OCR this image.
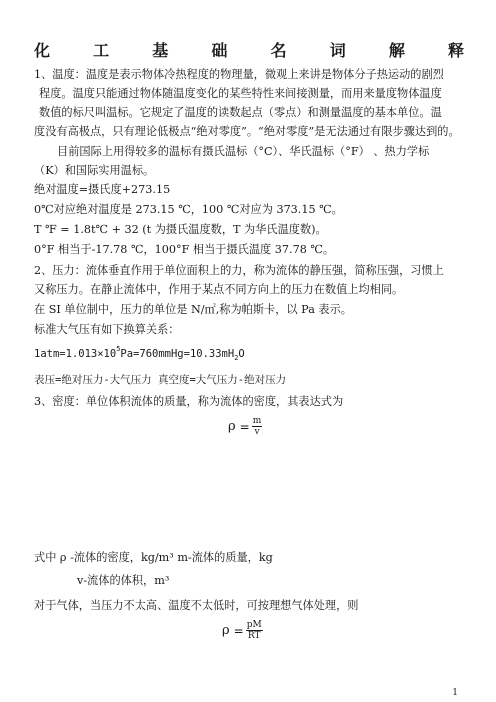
化	工	基	础	名	词	解	释
1、温度：温度是表示物体冷热程度的物理量，微观上来讲是物体分子热运动的剧烈
程度。温度只能通过物体随温度变化的某些特性来间接测量，而用来量度物体温度
数值的标尺叫温标。它规定了温度的读数起点（零点）和测量温度的基本单位。温
度没有高极点，只有理论低极点“绝对零度”。“绝对零度”是无法通过有限步骤达到的。
目前国际上用得较多的温标有摄氏温标（°C）、华氏温标（°F） 、热力学标
（K）和国际实用温标。
绝对温度=摄氏度+273.15
0℃对应绝对温度是 273.15 ℃，100 ℃对应为 373.15 ℃。
T ℉ = 1.8t℃ + 32 (t 为摄氏温度数，T 为华氏温度数)。
0°F 相当于-17.78 ℃，100°F 相当于摄氏温度 37.78 ℃。
2、压力：流体垂直作用于单位面积上的力，称为流体的静压强，简称压强，习惯上
又称压力。在静止流体中，作用于某点不同方向上的压力在数值上均相同。
在 SI 单位制中，压力的单位是 N/㎡,称为帕斯卡，以 Pa 表示。
标准大气压有如下换算关系：
$1atm=1.013\times 10^5Pa=760mmHg=10.33mH_2O$
表压=绝对压力-大气压力 真空度=大气压力-绝对压力
3、密度：单位体积流体的质量，称为流体的密度，其表达式为
$\rho = \frac{m}{v}$
式中 ρ -流体的密度，kg/m³ m-流体的质量，kg
v-流体的体积，m³
对于气体，当压力不太高、温度不太低时，可按理想气体处理，则
$\rho = \frac{pM}{RT}$
1
